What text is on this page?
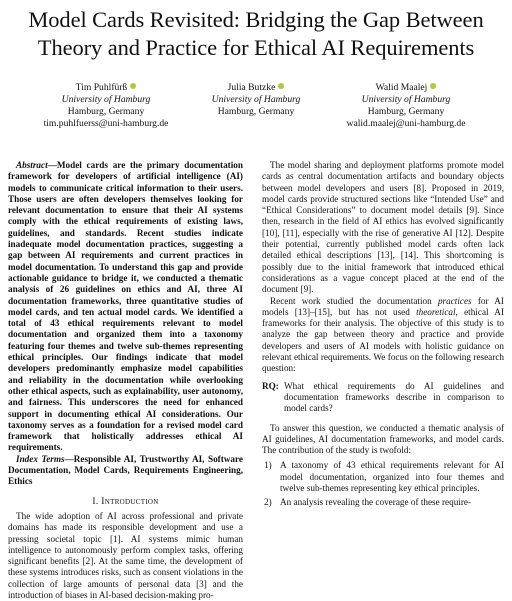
Model Cards Revisited: Bridging the Gap Between
Theory and Practice for Ethical AI Requirements
Tim Puhlfürß
University of Hamburg
Hamburg, Germany
tim.puhlfuerss@uni-hamburg.de
Julia Butzke
University of Hamburg
Hamburg, Germany
Walid Maalej
University of Hamburg
Hamburg, Germany
walid.maalej@uni-hamburg.de

Abstract—Model cards are the primary documentation framework for developers of artificial intelligence (AI) models to communicate critical information to their users. Those users are often developers themselves looking for relevant documentation to ensure that their AI systems comply with the ethical requirements of existing laws, guidelines, and standards. Recent studies indicate inadequate model documentation practices, suggesting a gap between AI requirements and current practices in model documentation. To understand this gap and provide actionable guidance to bridge it, we conducted a thematic analysis of 26 guidelines on ethics and AI, three AI documentation frameworks, three quantitative studies of model cards, and ten actual model cards. We identified a total of 43 ethical requirements relevant to model documentation and organized them into a taxonomy featuring four themes and twelve sub-themes representing ethical principles. Our findings indicate that model developers predominantly emphasize model capabilities and reliability in the documentation while overlooking other ethical aspects, such as explainability, user autonomy, and fairness. This underscores the need for enhanced support in documenting ethical AI considerations. Our taxonomy serves as a foundation for a revised model card framework that holistically addresses ethical AI requirements.

Index Terms—Responsible AI, Trustworthy AI, Software Documentation, Model Cards, Requirements Engineering, Ethics

I. Introduction

The wide adoption of AI across professional and private domains has made its responsible development and use a pressing societal topic [1]. AI systems mimic human intelligence to autonomously perform complex tasks, offering significant benefits [2]. At the same time, the development of these systems introduces risks, such as consent violations in the collection of large amounts of personal data [3] and the introduction of biases in AI-based decision-making pro-

The model sharing and deployment platforms promote model cards as central documentation artifacts and boundary objects between model developers and users [8]. Proposed in 2019, model cards provide structured sections like “Intended Use” and “Ethical Considerations” to document model details [9]. Since then, research in the field of AI ethics has evolved significantly [10], [11], especially with the rise of generative AI [12]. Despite their potential, currently published model cards often lack detailed ethical descriptions [13], [14]. This shortcoming is possibly due to the initial framework that introduced ethical considerations as a vague concept placed at the end of the document [9].

Recent work studied the documentation practices for AI models [13]–[15], but has not used theoretical, ethical AI frameworks for their analysis. The objective of this study is to analyze the gap between theory and practice and provide developers and users of AI models with holistic guidance on relevant ethical requirements. We focus on the following research question:

RQ: What ethical requirements do AI guidelines and documentation frameworks describe in comparison to model cards?

To answer this question, we conducted a thematic analysis of AI guidelines, AI documentation frameworks, and model cards. The contribution of the study is twofold:

1) A taxonomy of 43 ethical requirements relevant for AI model documentation, organized into four themes and twelve sub-themes representing key ethical principles.
2) An analysis revealing the coverage of these require-
